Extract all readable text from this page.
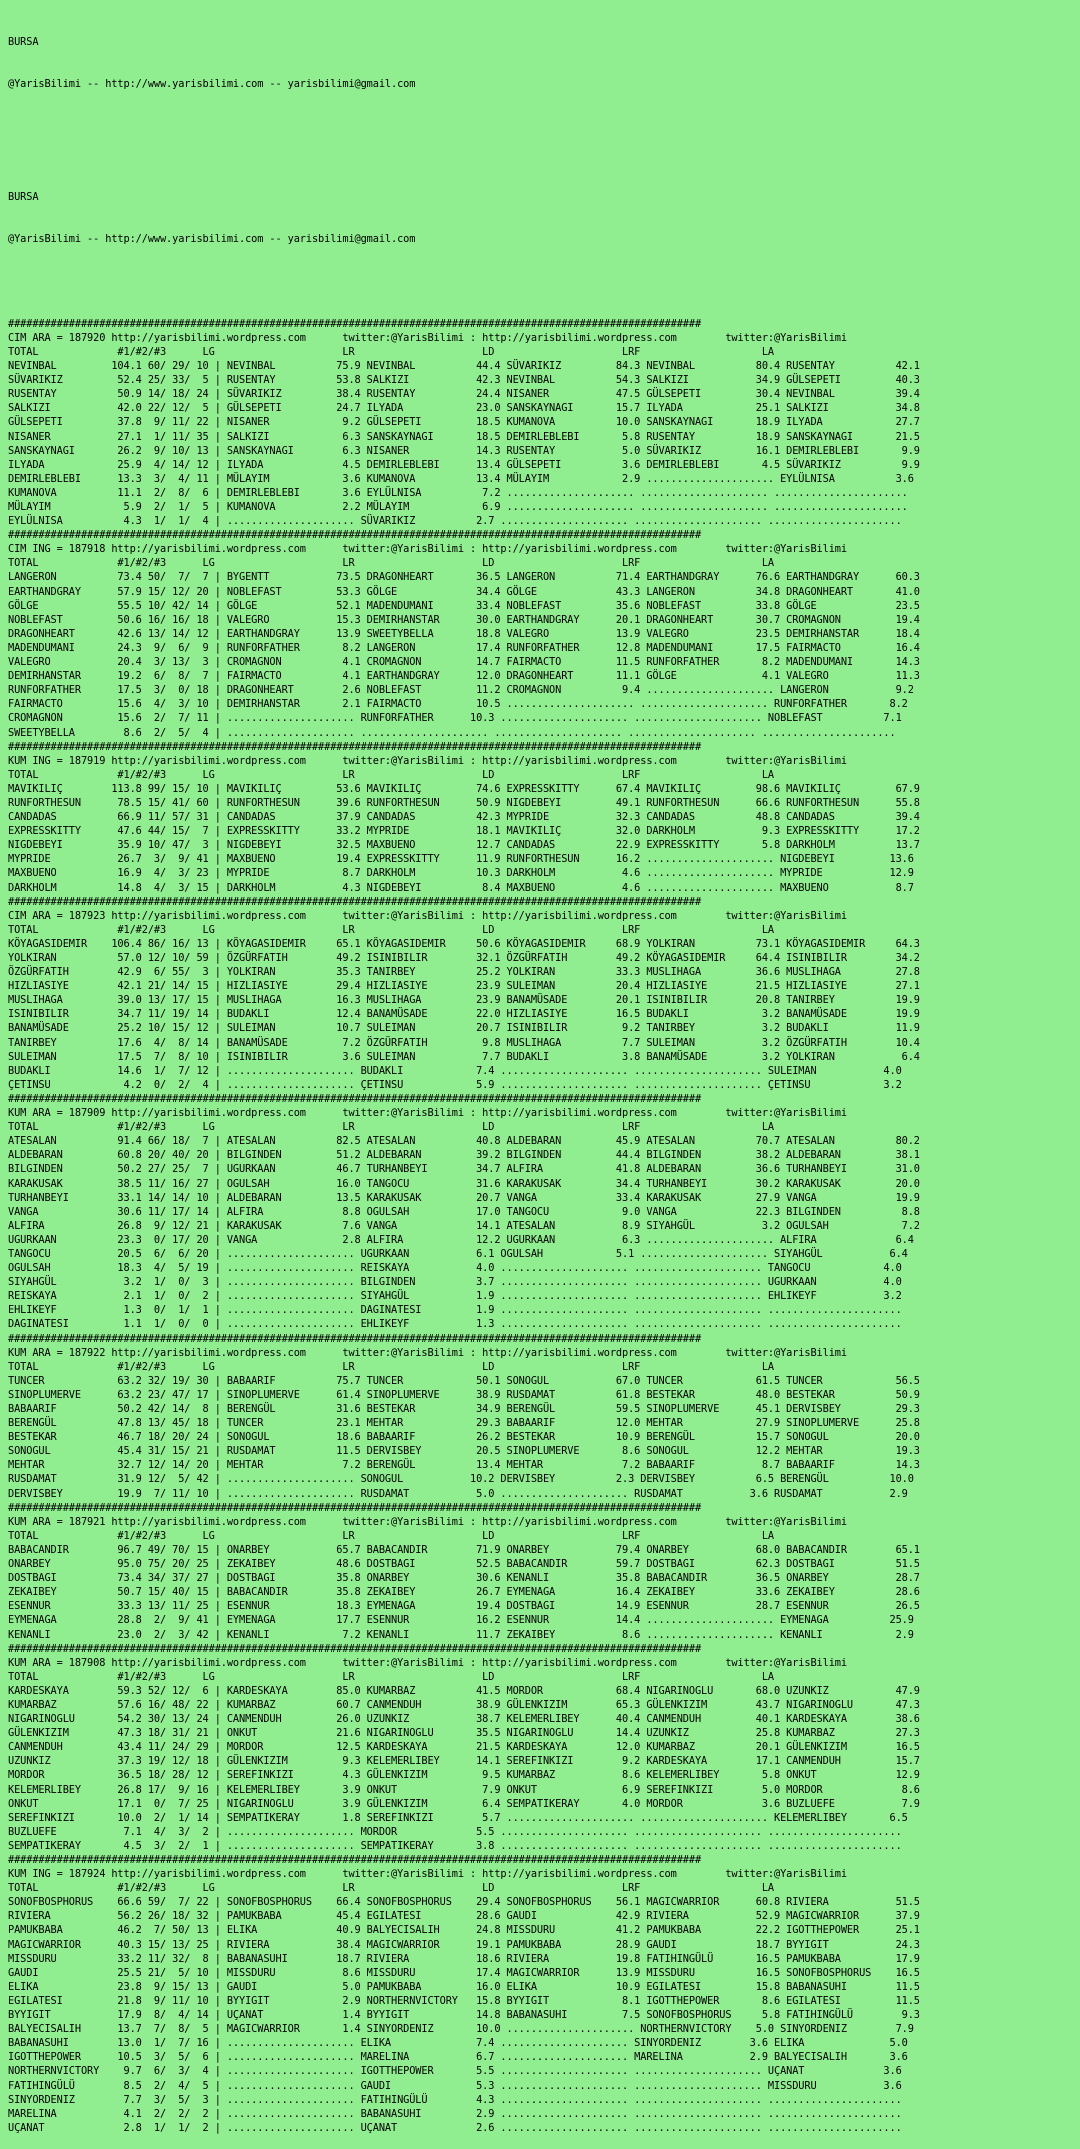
BURSA

@YarisBilimi -- http://www.yarisbilimi.com -- yarisbilimi@gmail.com

BURSA

@YarisBilimi -- http://www.yarisbilimi.com -- yarisbilimi@gmail.com

##################################################################################################################
CIM ARA = 187920 http://yarisbilimi.wordpress.com      twitter:@YarisBilimi : http://yarisbilimi.wordpress.com        twitter:@YarisBilimi
TOTAL             #1/#2/#3      LG                     LR                     LD                     LRF                    LA
NEVINBAL         104.1 60/ 29/ 10 | NEVINBAL          75.9 NEVINBAL          44.4 SÜVARIKIZ         84.3 NEVINBAL          80.4 RUSENTAY          42.1
SÜVARIKIZ         52.4 25/ 33/  5 | RUSENTAY          53.8 SALKIZI           42.3 NEVINBAL          54.3 SALKIZI           34.9 GÜLSEPETI         40.3
RUSENTAY          50.9 14/ 18/ 24 | SÜVARIKIZ         38.4 RUSENTAY          24.4 NISANER           47.5 GÜLSEPETI         30.4 NEVINBAL          39.4
SALKIZI           42.0 22/ 12/  5 | GÜLSEPETI         24.7 ILYADA            23.0 SANSKAYNAGI       15.7 ILYADA            25.1 SALKIZI           34.8
GÜLSEPETI         37.8  9/ 11/ 22 | NISANER            9.2 GÜLSEPETI         18.5 KUMANOVA          10.0 SANSKAYNAGI       18.9 ILYADA            27.7
NISANER           27.1  1/ 11/ 35 | SALKIZI            6.3 SANSKAYNAGI       18.5 DEMIRLEBLEBI       5.8 RUSENTAY          18.9 SANSKAYNAGI       21.5
SANSKAYNAGI       26.2  9/ 10/ 13 | SANSKAYNAGI        6.3 NISANER           14.3 RUSENTAY           5.0 SÜVARIKIZ         16.1 DEMIRLEBLEBI       9.9
ILYADA            25.9  4/ 14/ 12 | ILYADA             4.5 DEMIRLEBLEBI      13.4 GÜLSEPETI          3.6 DEMIRLEBLEBI       4.5 SÜVARIKIZ          9.9
DEMIRLEBLEBI      13.3  3/  4/ 11 | MÜLAYIM            3.6 KUMANOVA          13.4 MÜLAYIM            2.9 ..................... EYLÜLNISA          3.6
KUMANOVA          11.1  2/  8/  6 | DEMIRLEBLEBI       3.6 EYLÜLNISA          7.2 ..................... ..................... ......................
MÜLAYIM            5.9  2/  1/  5 | KUMANOVA           2.2 MÜLAYIM            6.9 ..................... ..................... ......................
EYLÜLNISA          4.3  1/  1/  4 | ..................... SÜVARIKIZ          2.7 ..................... ..................... ......................
##################################################################################################################
CIM ING = 187918 http://yarisbilimi.wordpress.com      twitter:@YarisBilimi : http://yarisbilimi.wordpress.com        twitter:@YarisBilimi
TOTAL             #1/#2/#3      LG                     LR                     LD                     LRF                    LA
LANGERON          73.4 50/  7/  7 | BYGENTT           73.5 DRAGONHEART       36.5 LANGERON          71.4 EARTHANDGRAY      76.6 EARTHANDGRAY      60.3
EARTHANDGRAY      57.9 15/ 12/ 20 | NOBLEFAST         53.3 GÖLGE             34.4 GÖLGE             43.3 LANGERON          34.8 DRAGONHEART       41.0
GÖLGE             55.5 10/ 42/ 14 | GÖLGE             52.1 MADENDUMANI       33.4 NOBLEFAST         35.6 NOBLEFAST         33.8 GÖLGE             23.5
NOBLEFAST         50.6 16/ 16/ 18 | VALEGRO           15.3 DEMIRHANSTAR      30.0 EARTHANDGRAY      20.1 DRAGONHEART       30.7 CROMAGNON         19.4
DRAGONHEART       42.6 13/ 14/ 12 | EARTHANDGRAY      13.9 SWEETYBELLA       18.8 VALEGRO           13.9 VALEGRO           23.5 DEMIRHANSTAR      18.4
MADENDUMANI       24.3  9/  6/  9 | RUNFORFATHER       8.2 LANGERON          17.4 RUNFORFATHER      12.8 MADENDUMANI       17.5 FAIRMACTO         16.4
VALEGRO           20.4  3/ 13/  3 | CROMAGNON          4.1 CROMAGNON         14.7 FAIRMACTO         11.5 RUNFORFATHER       8.2 MADENDUMANI       14.3
DEMIRHANSTAR      19.2  6/  8/  7 | FAIRMACTO          4.1 EARTHANDGRAY      12.0 DRAGONHEART       11.1 GÖLGE              4.1 VALEGRO           11.3
RUNFORFATHER      17.5  3/  0/ 18 | DRAGONHEART        2.6 NOBLEFAST         11.2 CROMAGNON          9.4 ..................... LANGERON           9.2
FAIRMACTO         15.6  4/  3/ 10 | DEMIRHANSTAR       2.1 FAIRMACTO         10.5 ..................... ..................... RUNFORFATHER       8.2
CROMAGNON         15.6  2/  7/ 11 | ..................... RUNFORFATHER      10.3 ..................... ..................... NOBLEFAST          7.1
SWEETYBELLA        8.6  2/  5/  4 | ..................... ..................... ..................... ..................... ......................
##################################################################################################################
KUM ING = 187919 http://yarisbilimi.wordpress.com      twitter:@YarisBilimi : http://yarisbilimi.wordpress.com        twitter:@YarisBilimi
TOTAL             #1/#2/#3      LG                     LR                     LD                     LRF                    LA
MAVIKILIÇ        113.8 99/ 15/ 10 | MAVIKILIÇ         53.6 MAVIKILIÇ         74.6 EXPRESSKITTY      67.4 MAVIKILIÇ         98.6 MAVIKILIÇ         67.9
RUNFORTHESUN      78.5 15/ 41/ 60 | RUNFORTHESUN      39.6 RUNFORTHESUN      50.9 NIGDEBEYI         49.1 RUNFORTHESUN      66.6 RUNFORTHESUN      55.8
CANDADAS          66.9 11/ 57/ 31 | CANDADAS          37.9 CANDADAS          42.3 MYPRIDE           32.3 CANDADAS          48.8 CANDADAS          39.4
EXPRESSKITTY      47.6 44/ 15/  7 | EXPRESSKITTY      33.2 MYPRIDE           18.1 MAVIKILIÇ         32.0 DARKHOLM           9.3 EXPRESSKITTY      17.2
NIGDEBEYI         35.9 10/ 47/  3 | NIGDEBEYI         32.5 MAXBUENO          12.7 CANDADAS          22.9 EXPRESSKITTY       5.8 DARKHOLM          13.7
MYPRIDE           26.7  3/  9/ 41 | MAXBUENO          19.4 EXPRESSKITTY      11.9 RUNFORTHESUN      16.2 ..................... NIGDEBEYI         13.6
MAXBUENO          16.9  4/  3/ 23 | MYPRIDE            8.7 DARKHOLM          10.3 DARKHOLM           4.6 ..................... MYPRIDE           12.9
DARKHOLM          14.8  4/  3/ 15 | DARKHOLM           4.3 NIGDEBEYI          8.4 MAXBUENO           4.6 ..................... MAXBUENO           8.7
##################################################################################################################
CIM ARA = 187923 http://yarisbilimi.wordpress.com      twitter:@YarisBilimi : http://yarisbilimi.wordpress.com        twitter:@YarisBilimi
TOTAL             #1/#2/#3      LG                     LR                     LD                     LRF                    LA
KÖYAGASIDEMIR    106.4 86/ 16/ 13 | KÖYAGASIDEMIR     65.1 KÖYAGASIDEMIR     50.6 KÖYAGASIDEMIR     68.9 YOLKIRAN          73.1 KÖYAGASIDEMIR     64.3
YOLKIRAN          57.0 12/ 10/ 59 | ÖZGÜRFATIH        49.2 ISINIBILIR        32.1 ÖZGÜRFATIH        49.2 KÖYAGASIDEMIR     64.4 ISINIBILIR        34.2
ÖZGÜRFATIH        42.9  6/ 55/  3 | YOLKIRAN          35.3 TANIRBEY          25.2 YOLKIRAN          33.3 MUSLIHAGA         36.6 MUSLIHAGA         27.8
HIZLIASIYE        42.1 21/ 14/ 15 | HIZLIASIYE        29.4 HIZLIASIYE        23.9 SULEIMAN          20.4 HIZLIASIYE        21.5 HIZLIASIYE        27.1
MUSLIHAGA         39.0 13/ 17/ 15 | MUSLIHAGA         16.3 MUSLIHAGA         23.9 BANAMÜSADE        20.1 ISINIBILIR        20.8 TANIRBEY          19.9
ISINIBILIR        34.7 11/ 19/ 14 | BUDAKLI           12.4 BANAMÜSADE        22.0 HIZLIASIYE        16.5 BUDAKLI            3.2 BANAMÜSADE        19.9
BANAMÜSADE        25.2 10/ 15/ 12 | SULEIMAN          10.7 SULEIMAN          20.7 ISINIBILIR         9.2 TANIRBEY           3.2 BUDAKLI           11.9
TANIRBEY          17.6  4/  8/ 14 | BANAMÜSADE         7.2 ÖZGÜRFATIH         9.8 MUSLIHAGA          7.7 SULEIMAN           3.2 ÖZGÜRFATIH        10.4
SULEIMAN          17.5  7/  8/ 10 | ISINIBILIR         3.6 SULEIMAN           7.7 BUDAKLI            3.8 BANAMÜSADE         3.2 YOLKIRAN           6.4
BUDAKLI           14.6  1/  7/ 12 | ..................... BUDAKLI            7.4 ..................... ..................... SULEIMAN           4.0
ÇETINSU            4.2  0/  2/  4 | ..................... ÇETINSU            5.9 ..................... ..................... ÇETINSU            3.2
##################################################################################################################
KUM ARA = 187909 http://yarisbilimi.wordpress.com      twitter:@YarisBilimi : http://yarisbilimi.wordpress.com        twitter:@YarisBilimi
TOTAL             #1/#2/#3      LG                     LR                     LD                     LRF                    LA
ATESALAN          91.4 66/ 18/  7 | ATESALAN          82.5 ATESALAN          40.8 ALDEBARAN         45.9 ATESALAN          70.7 ATESALAN          80.2
ALDEBARAN         60.8 20/ 40/ 20 | BILGINDEN         51.2 ALDEBARAN         39.2 BILGINDEN         44.4 BILGINDEN         38.2 ALDEBARAN         38.1
BILGINDEN         50.2 27/ 25/  7 | UGURKAAN          46.7 TURHANBEYI        34.7 ALFIRA            41.8 ALDEBARAN         36.6 TURHANBEYI        31.0
KARAKUSAK         38.5 11/ 16/ 27 | OGULSAH           16.0 TANGOCU           31.6 KARAKUSAK         34.4 TURHANBEYI        30.2 KARAKUSAK         20.0
TURHANBEYI        33.1 14/ 14/ 10 | ALDEBARAN         13.5 KARAKUSAK         20.7 VANGA             33.4 KARAKUSAK         27.9 VANGA             19.9
VANGA             30.6 11/ 17/ 14 | ALFIRA             8.8 OGULSAH           17.0 TANGOCU            9.0 VANGA             22.3 BILGINDEN          8.8
ALFIRA            26.8  9/ 12/ 21 | KARAKUSAK          7.6 VANGA             14.1 ATESALAN           8.9 SIYAHGÜL           3.2 OGULSAH            7.2
UGURKAAN          23.3  0/ 17/ 20 | VANGA              2.8 ALFIRA            12.2 UGURKAAN           6.3 ..................... ALFIRA             6.4
TANGOCU           20.5  6/  6/ 20 | ..................... UGURKAAN           6.1 OGULSAH            5.1 ..................... SIYAHGÜL           6.4
OGULSAH           18.3  4/  5/ 19 | ..................... REISKAYA           4.0 ..................... ..................... TANGOCU            4.0
SIYAHGÜL           3.2  1/  0/  3 | ..................... BILGINDEN          3.7 ..................... ..................... UGURKAAN           4.0
REISKAYA           2.1  1/  0/  2 | ..................... SIYAHGÜL           1.9 ..................... ..................... EHLIKEYF           3.2
EHLIKEYF           1.3  0/  1/  1 | ..................... DAGINATESI         1.9 ..................... ..................... ......................
DAGINATESI         1.1  1/  0/  0 | ..................... EHLIKEYF           1.3 ..................... ..................... ......................
##################################################################################################################
KUM ARA = 187922 http://yarisbilimi.wordpress.com      twitter:@YarisBilimi : http://yarisbilimi.wordpress.com        twitter:@YarisBilimi
TOTAL             #1/#2/#3      LG                     LR                     LD                     LRF                    LA
TUNCER            63.2 32/ 19/ 30 | BABAARIF          75.7 TUNCER            50.1 SONOGUL           67.0 TUNCER            61.5 TUNCER            56.5
SINOPLUMERVE      63.2 23/ 47/ 17 | SINOPLUMERVE      61.4 SINOPLUMERVE      38.9 RUSDAMAT          61.8 BESTEKAR          48.0 BESTEKAR          50.9
BABAARIF          50.2 42/ 14/  8 | BERENGÜL          31.6 BESTEKAR          34.9 BERENGÜL          59.5 SINOPLUMERVE      45.1 DERVISBEY         29.3
BERENGÜL          47.8 13/ 45/ 18 | TUNCER            23.1 MEHTAR            29.3 BABAARIF          12.0 MEHTAR            27.9 SINOPLUMERVE      25.8
BESTEKAR          46.7 18/ 20/ 24 | SONOGUL           18.6 BABAARIF          26.2 BESTEKAR          10.9 BERENGÜL          15.7 SONOGUL           20.0
SONOGUL           45.4 31/ 15/ 21 | RUSDAMAT          11.5 DERVISBEY         20.5 SINOPLUMERVE       8.6 SONOGUL           12.2 MEHTAR            19.3
MEHTAR            32.7 12/ 14/ 20 | MEHTAR             7.2 BERENGÜL          13.4 MEHTAR             7.2 BABAARIF           8.7 BABAARIF          14.3
RUSDAMAT          31.9 12/  5/ 42 | ..................... SONOGUL           10.2 DERVISBEY          2.3 DERVISBEY          6.5 BERENGÜL          10.0
DERVISBEY         19.9  7/ 11/ 10 | ..................... RUSDAMAT           5.0 ..................... RUSDAMAT           3.6 RUSDAMAT           2.9
##################################################################################################################
KUM ARA = 187921 http://yarisbilimi.wordpress.com      twitter:@YarisBilimi : http://yarisbilimi.wordpress.com        twitter:@YarisBilimi
TOTAL             #1/#2/#3      LG                     LR                     LD                     LRF                    LA
BABACANDIR        96.7 49/ 70/ 15 | ONARBEY           65.7 BABACANDIR        71.9 ONARBEY           79.4 ONARBEY           68.0 BABACANDIR        65.1
ONARBEY           95.0 75/ 20/ 25 | ZEKAIBEY          48.6 DOSTBAGI          52.5 BABACANDIR        59.7 DOSTBAGI          62.3 DOSTBAGI          51.5
DOSTBAGI          73.4 34/ 37/ 27 | DOSTBAGI          35.8 ONARBEY           30.6 KENANLI           35.8 BABACANDIR        36.5 ONARBEY           28.7
ZEKAIBEY          50.7 15/ 40/ 15 | BABACANDIR        35.8 ZEKAIBEY          26.7 EYMENAGA          16.4 ZEKAIBEY          33.6 ZEKAIBEY          28.6
ESENNUR           33.3 13/ 11/ 25 | ESENNUR           18.3 EYMENAGA          19.4 DOSTBAGI          14.9 ESENNUR           28.7 ESENNUR           26.5
EYMENAGA          28.8  2/  9/ 41 | EYMENAGA          17.7 ESENNUR           16.2 ESENNUR           14.4 ..................... EYMENAGA          25.9
KENANLI           23.0  2/  3/ 42 | KENANLI            7.2 KENANLI           11.7 ZEKAIBEY           8.6 ..................... KENANLI            2.9
##################################################################################################################
KUM ARA = 187908 http://yarisbilimi.wordpress.com      twitter:@YarisBilimi : http://yarisbilimi.wordpress.com        twitter:@YarisBilimi
TOTAL             #1/#2/#3      LG                     LR                     LD                     LRF                    LA
KARDESKAYA        59.3 52/ 12/  6 | KARDESKAYA        85.0 KUMARBAZ          41.5 MORDOR            68.4 NIGARINOGLU       68.0 UZUNKIZ           47.9
KUMARBAZ          57.6 16/ 48/ 22 | KUMARBAZ          60.7 CANMENDUH         38.9 GÜLENKIZIM        65.3 GÜLENKIZIM        43.7 NIGARINOGLU       47.3
NIGARINOGLU       54.2 30/ 13/ 24 | CANMENDUH         26.0 UZUNKIZ           38.7 KELEMERLIBEY      40.4 CANMENDUH         40.1 KARDESKAYA        38.6
GÜLENKIZIM        47.3 18/ 31/ 21 | ONKUT             21.6 NIGARINOGLU       35.5 NIGARINOGLU       14.4 UZUNKIZ           25.8 KUMARBAZ          27.3
CANMENDUH         43.4 11/ 24/ 29 | MORDOR            12.5 KARDESKAYA        21.5 KARDESKAYA        12.0 KUMARBAZ          20.1 GÜLENKIZIM        16.5
UZUNKIZ           37.3 19/ 12/ 18 | GÜLENKIZIM         9.3 KELEMERLIBEY      14.1 SEREFINKIZI        9.2 KARDESKAYA        17.1 CANMENDUH         15.7
MORDOR            36.5 18/ 28/ 12 | SEREFINKIZI        4.3 GÜLENKIZIM         9.5 KUMARBAZ           8.6 KELEMERLIBEY       5.8 ONKUT             12.9
KELEMERLIBEY      26.8 17/  9/ 16 | KELEMERLIBEY       3.9 ONKUT              7.9 ONKUT              6.9 SEREFINKIZI        5.0 MORDOR             8.6
ONKUT             17.1  0/  7/ 25 | NIGARINOGLU        3.9 GÜLENKIZIM         6.4 SEMPATIKERAY       4.0 MORDOR             3.6 BUZLUEFE           7.9
SEREFINKIZI       10.0  2/  1/ 14 | SEMPATIKERAY       1.8 SEREFINKIZI        5.7 ..................... ..................... KELEMERLIBEY       6.5
BUZLUEFE           7.1  4/  3/  2 | ..................... MORDOR             5.5 ..................... ..................... ......................
SEMPATIKERAY       4.5  3/  2/  1 | ..................... SEMPATIKERAY       3.8 ..................... ..................... ......................
##################################################################################################################
KUM ING = 187924 http://yarisbilimi.wordpress.com      twitter:@YarisBilimi : http://yarisbilimi.wordpress.com        twitter:@YarisBilimi
TOTAL             #1/#2/#3      LG                     LR                     LD                     LRF                    LA
SONOFBOSPHORUS    66.6 59/  7/ 22 | SONOFBOSPHORUS    66.4 SONOFBOSPHORUS    29.4 SONOFBOSPHORUS    56.1 MAGICWARRIOR      60.8 RIVIERA           51.5
RIVIERA           56.2 26/ 18/ 32 | PAMUKBABA         45.4 EGILATESI         28.6 GAUDI             42.9 RIVIERA           52.9 MAGICWARRIOR      37.9
PAMUKBABA         46.2  7/ 50/ 13 | ELIKA             40.9 BALYECISALIH      24.8 MISSDURU          41.2 PAMUKBABA         22.2 IGOTTHEPOWER      25.1
MAGICWARRIOR      40.3 15/ 13/ 25 | RIVIERA           38.4 MAGICWARRIOR      19.1 PAMUKBABA         28.9 GAUDI             18.7 BYYIGIT           24.3
MISSDURU          33.2 11/ 32/  8 | BABANASUHI        18.7 RIVIERA           18.6 RIVIERA           19.8 FATIHINGÜLÜ       16.5 PAMUKBABA         17.9
GAUDI             25.5 21/  5/ 10 | MISSDURU           8.6 MISSDURU          17.4 MAGICWARRIOR      13.9 MISSDURU          16.5 SONOFBOSPHORUS    16.5
ELIKA             23.8  9/ 15/ 13 | GAUDI              5.0 PAMUKBABA         16.0 ELIKA             10.9 EGILATESI         15.8 BABANASUHI        11.5
EGILATESI         21.8  9/ 11/ 10 | BYYIGIT            2.9 NORTHERNVICTORY   15.8 BYYIGIT            8.1 IGOTTHEPOWER       8.6 EGILATESI         11.5
BYYIGIT           17.9  8/  4/ 14 | UÇANAT             1.4 BYYIGIT           14.8 BABANASUHI         7.5 SONOFBOSPHORUS     5.8 FATIHINGÜLÜ        9.3
BALYECISALIH      13.7  7/  8/  5 | MAGICWARRIOR       1.4 SINYORDENIZ       10.0 ..................... NORTHERNVICTORY    5.0 SINYORDENIZ        7.9
BABANASUHI        13.0  1/  7/ 16 | ..................... ELIKA              7.4 ..................... SINYORDENIZ        3.6 ELIKA              5.0
IGOTTHEPOWER      10.5  3/  5/  6 | ..................... MARELINA           6.7 ..................... MARELINA           2.9 BALYECISALIH       3.6
NORTHERNVICTORY    9.7  6/  3/  4 | ..................... IGOTTHEPOWER       5.5 ..................... ..................... UÇANAT             3.6
FATIHINGÜLÜ        8.5  2/  4/  5 | ..................... GAUDI              5.3 ..................... ..................... MISSDURU           3.6
SINYORDENIZ        7.7  3/  5/  3 | ..................... FATIHINGÜLÜ        4.3 ..................... ..................... ......................
MARELINA           4.1  2/  2/  2 | ..................... BABANASUHI         2.9 ..................... ..................... ......................
UÇANAT             2.8  1/  1/  2 | ..................... UÇANAT             2.6 ..................... ..................... ......................
